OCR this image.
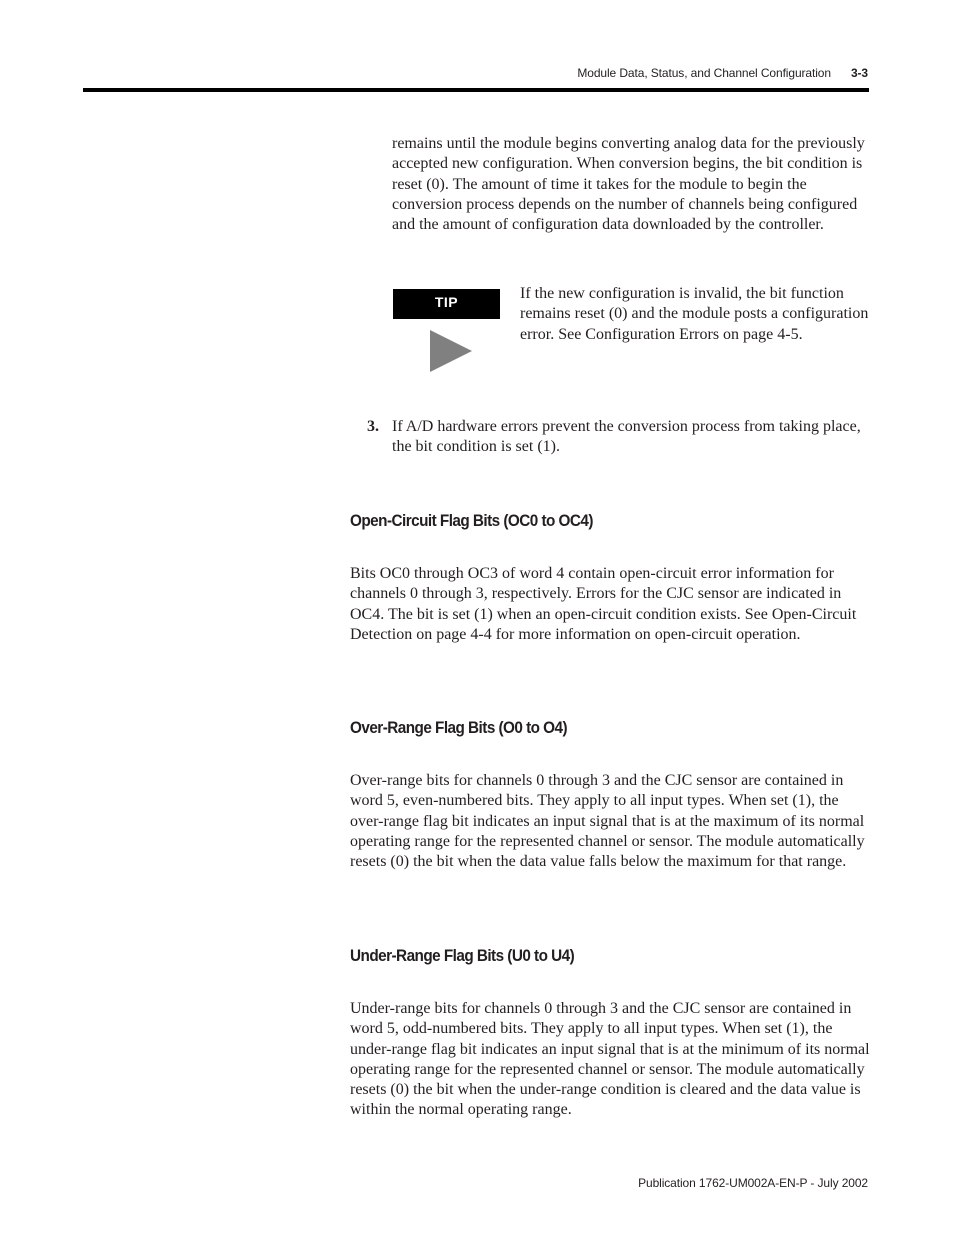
Module Data, Status, and Channel Configuration 3-3

remains until the module begins converting analog data for the previously accepted new configuration. When conversion begins, the bit condition is reset (0). The amount of time it takes for the module to begin the conversion process depends on the number of channels being configured and the amount of configuration data downloaded by the controller.

TIP	If the new configuration is invalid, the bit function remains reset (0) and the module posts a configuration error. See Configuration Errors on page 4-5.

3. If A/D hardware errors prevent the conversion process from taking place, the bit condition is set (1).

Open-Circuit Flag Bits (OC0 to OC4)

Bits OC0 through OC3 of word 4 contain open-circuit error information for channels 0 through 3, respectively. Errors for the CJC sensor are indicated in OC4. The bit is set (1) when an open-circuit condition exists. See Open-Circuit Detection on page 4-4 for more information on open-circuit operation.

Over-Range Flag Bits (O0 to O4)

Over-range bits for channels 0 through 3 and the CJC sensor are contained in word 5, even-numbered bits. They apply to all input types. When set (1), the over-range flag bit indicates an input signal that is at the maximum of its normal operating range for the represented channel or sensor. The module automatically resets (0) the bit when the data value falls below the maximum for that range.

Under-Range Flag Bits (U0 to U4)

Under-range bits for channels 0 through 3 and the CJC sensor are contained in word 5, odd-numbered bits. They apply to all input types. When set (1), the under-range flag bit indicates an input signal that is at the minimum of its normal operating range for the represented channel or sensor. The module automatically resets (0) the bit when the under-range condition is cleared and the data value is within the normal operating range.

Publication 1762-UM002A-EN-P - July 2002
